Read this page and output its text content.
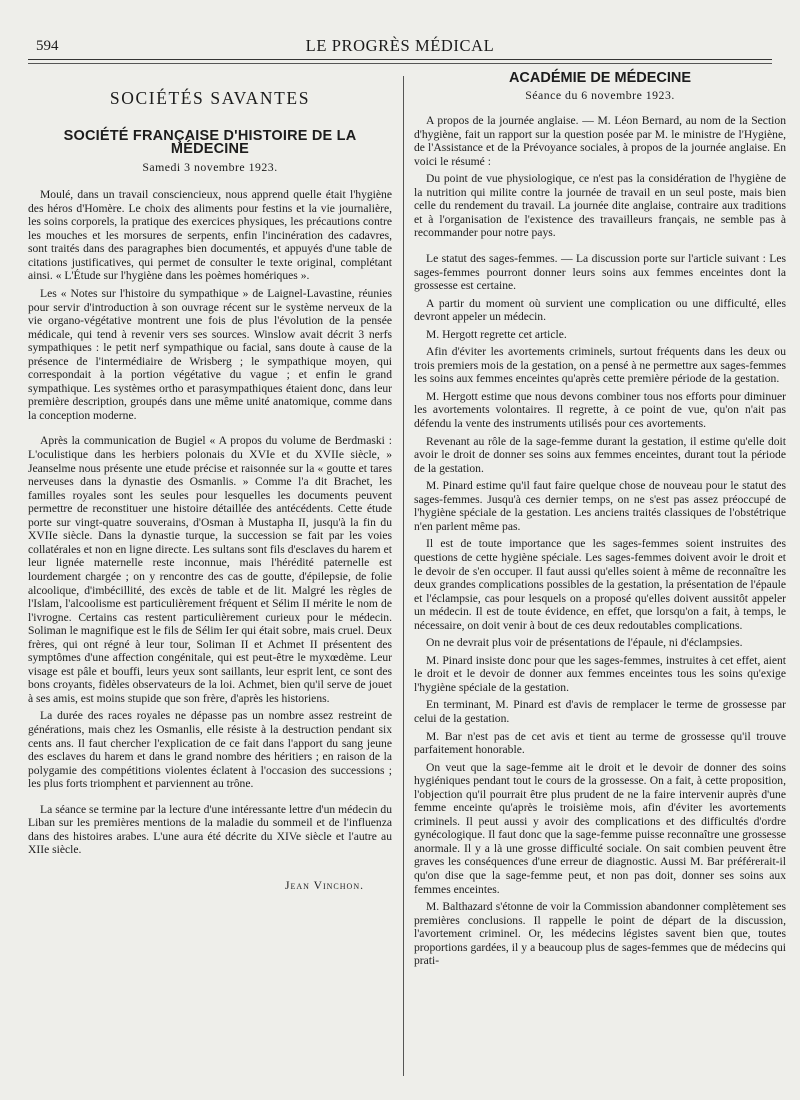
594	LE PROGRÈS MÉDICAL
SOCIÉTÉS SAVANTES
SOCIÉTÉ FRANÇAISE D'HISTOIRE DE LA MÉDECINE
Samedi 3 novembre 1923.

Moulé, dans un travail consciencieux, nous apprend quelle était l'hygiène des héros d'Homère. Le choix des aliments pour festins et la vie journalière, les soins corporels, la pratique des exercices physiques, les précautions contre les mouches et les morsures de serpents, enfin l'incinération des cadavres, sont traités dans des paragraphes bien documentés, et appuyés d'une table de citations justificatives, qui permet de consulter le texte original, complétant ainsi. « L'Étude sur l'hygiène dans les poèmes homériques ».

Les « Notes sur l'histoire du sympathique » de Laignel-Lavastine, réunies pour servir d'introduction à son ouvrage récent sur le système nerveux de la vie organo-végétative montrent une fois de plus l'évolution de la pensée médicale, qui tend à revenir vers ses sources. Winslow avait décrit 3 nerfs sympathiques : le petit nerf sympathique ou facial, sans doute à cause de la présence de l'intermédiaire de Wrisberg ; le sympathique moyen, qui correspondait à la portion végétative du vague ; et enfin le grand sympathique. Les systèmes ortho et parasympathiques étaient donc, dans leur première description, groupés dans une même unité anatomique, comme dans la conception moderne.

Après la communication de Bugiel « A propos du volume de Berdmaski : L'oculistique dans les herbiers polonais du XVIe et du XVIIe siècle, » Jeanselme nous présente une etude précise et raisonnée sur la « goutte et tares nerveuses dans la dynastie des Osmanlis. » Comme l'a dit Brachet, les familles royales sont les seules pour lesquelles les documents peuvent permettre de reconstituer une histoire détaillée des antécédents. Cette étude porte sur vingt-quatre souverains, d'Osman à Mustapha II, jusqu'à la fin du XVIIe siècle. Dans la dynastie turque, la succession se fait par les voies collatérales et non en ligne directe. Les sultans sont fils d'esclaves du harem et leur lignée maternelle reste inconnue, mais l'hérédité paternelle est lourdement chargée ; on y rencontre des cas de goutte, d'épilepsie, de folie alcoolique, d'imbécillité, des excès de table et de lit. Malgré les règles de l'Islam, l'alcoolisme est particulièrement fréquent et Sélim II mérite le nom de l'ivrogne. Certains cas restent particulièrement curieux pour le médecin. Soliman le magnifique est le fils de Sélim Ier qui était sobre, mais cruel. Deux frères, qui ont régné à leur tour, Soliman II et Achmet II présentent des symptômes d'une affection congénitale, qui est peut-être le myxœdème. Leur visage est pâle et bouffi, leurs yeux sont saillants, leur esprit lent, ce sont des bons croyants, fidèles observateurs de la loi. Achmet, bien qu'il serve de jouet à ses amis, est moins stupide que son frère, d'après les historiens.

La durée des races royales ne dépasse pas un nombre assez restreint de générations, mais chez les Osmanlis, elle résiste à la destruction pendant six cents ans. Il faut chercher l'explication de ce fait dans l'apport du sang jeune des esclaves du harem et dans le grand nombre des héritiers ; en raison de la polygamie des compétitions violentes éclatent à l'occasion des successions ; les plus forts triomphent et parviennent au trône.

La séance se termine par la lecture d'une intéressante lettre d'un médecin du Liban sur les premières mentions de la maladie du sommeil et de l'influenza dans des histoires arabes. L'une aura été décrite du XIVe siècle et l'autre au XIIe siècle.

Jean Vinchon.
ACADÉMIE DE MÉDECINE
Séance du 6 novembre 1923.

A propos de la journée anglaise. — M. Léon Bernard, au nom de la Section d'hygiène, fait un rapport sur la question posée par M. le ministre de l'Hygiène, de l'Assistance et de la Prévoyance sociales, à propos de la journée anglaise. En voici le résumé :

Du point de vue physiologique, ce n'est pas la considération de l'hygiène de la nutrition qui milite contre la journée de travail en un seul poste, mais bien celle du rendement du travail. La journée dite anglaise, contraire aux traditions et à l'organisation de l'existence des travailleurs français, ne semble pas à recommander pour notre pays.

Le statut des sages-femmes. — La discussion porte sur l'article suivant : Les sages-femmes pourront donner leurs soins aux femmes enceintes dont la grossesse est certaine.

A partir du moment où survient une complication ou une difficulté, elles devront appeler un médecin.

M. Hergott regrette cet article.

Afin d'éviter les avortements criminels, surtout fréquents dans les deux ou trois premiers mois de la gestation, on a pensé à ne permettre aux sages-femmes les soins aux femmes enceintes qu'après cette première période de la gestation.

M. Hergott estime que nous devons combiner tous nos efforts pour diminuer les avortements volontaires. Il regrette, à ce point de vue, qu'on n'ait pas défendu la vente des instruments utilisés pour ces avortements.

Revenant au rôle de la sage-femme durant la gestation, il estime qu'elle doit avoir le droit de donner ses soins aux femmes enceintes, durant tout la période de la gestation.

M. Pinard estime qu'il faut faire quelque chose de nouveau pour le statut des sages-femmes. Jusqu'à ces dernier temps, on ne s'est pas assez préoccupé de l'hygiène spéciale de la gestation. Les anciens traités classiques de l'obstétrique n'en parlent même pas.

Il est de toute importance que les sages-femmes soient instruites des questions de cette hygiène spéciale. Les sages-femmes doivent avoir le droit et le devoir de s'en occuper. Il faut aussi qu'elles soient à même de reconnaître les deux grandes complications possibles de la gestation, la présentation de l'épaule et l'éclampsie, cas pour lesquels on a proposé qu'elles doivent aussitôt appeler un médecin. Il est de toute évidence, en effet, que lorsqu'on a fait, à temps, le nécessaire, on doit venir à bout de ces deux redoutables complications.

On ne devrait plus voir de présentations de l'épaule, ni d'éclampsies.

M. Pinard insiste donc pour que les sages-femmes, instruites à cet effet, aient le droit et le devoir de donner aux femmes enceintes tous les soins qu'exige l'hygiène spéciale de la gestation.

En terminant, M. Pinard est d'avis de remplacer le terme de grossesse par celui de la gestation.

M. Bar n'est pas de cet avis et tient au terme de grossesse qu'il trouve parfaitement honorable.

On veut que la sage-femme ait le droit et le devoir de donner des soins hygiéniques pendant tout le cours de la grossesse. On a fait, à cette proposition, l'objection qu'il pourrait être plus prudent de ne la faire intervenir auprès d'une femme enceinte qu'après le troisième mois, afin d'éviter les avortements criminels. Il peut aussi y avoir des complications et des difficultés d'ordre gynécologique. Il faut donc que la sage-femme puisse reconnaître une grossesse anormale. Il y a là une grosse difficulté sociale. On sait combien peuvent être graves les conséquences d'une erreur de diagnostic. Aussi M. Bar préférerait-il qu'on dise que la sage-femme peut, et non pas doit, donner ses soins aux femmes enceintes.

M. Balthazard s'étonne de voir la Commission abandonner complètement ses premières conclusions. Il rappelle le point de départ de la discussion, l'avortement criminel. Or, les médecins légistes savent bien que, toutes proportions gardées, il y a beaucoup plus de sages-femmes que de médecins qui prati-
